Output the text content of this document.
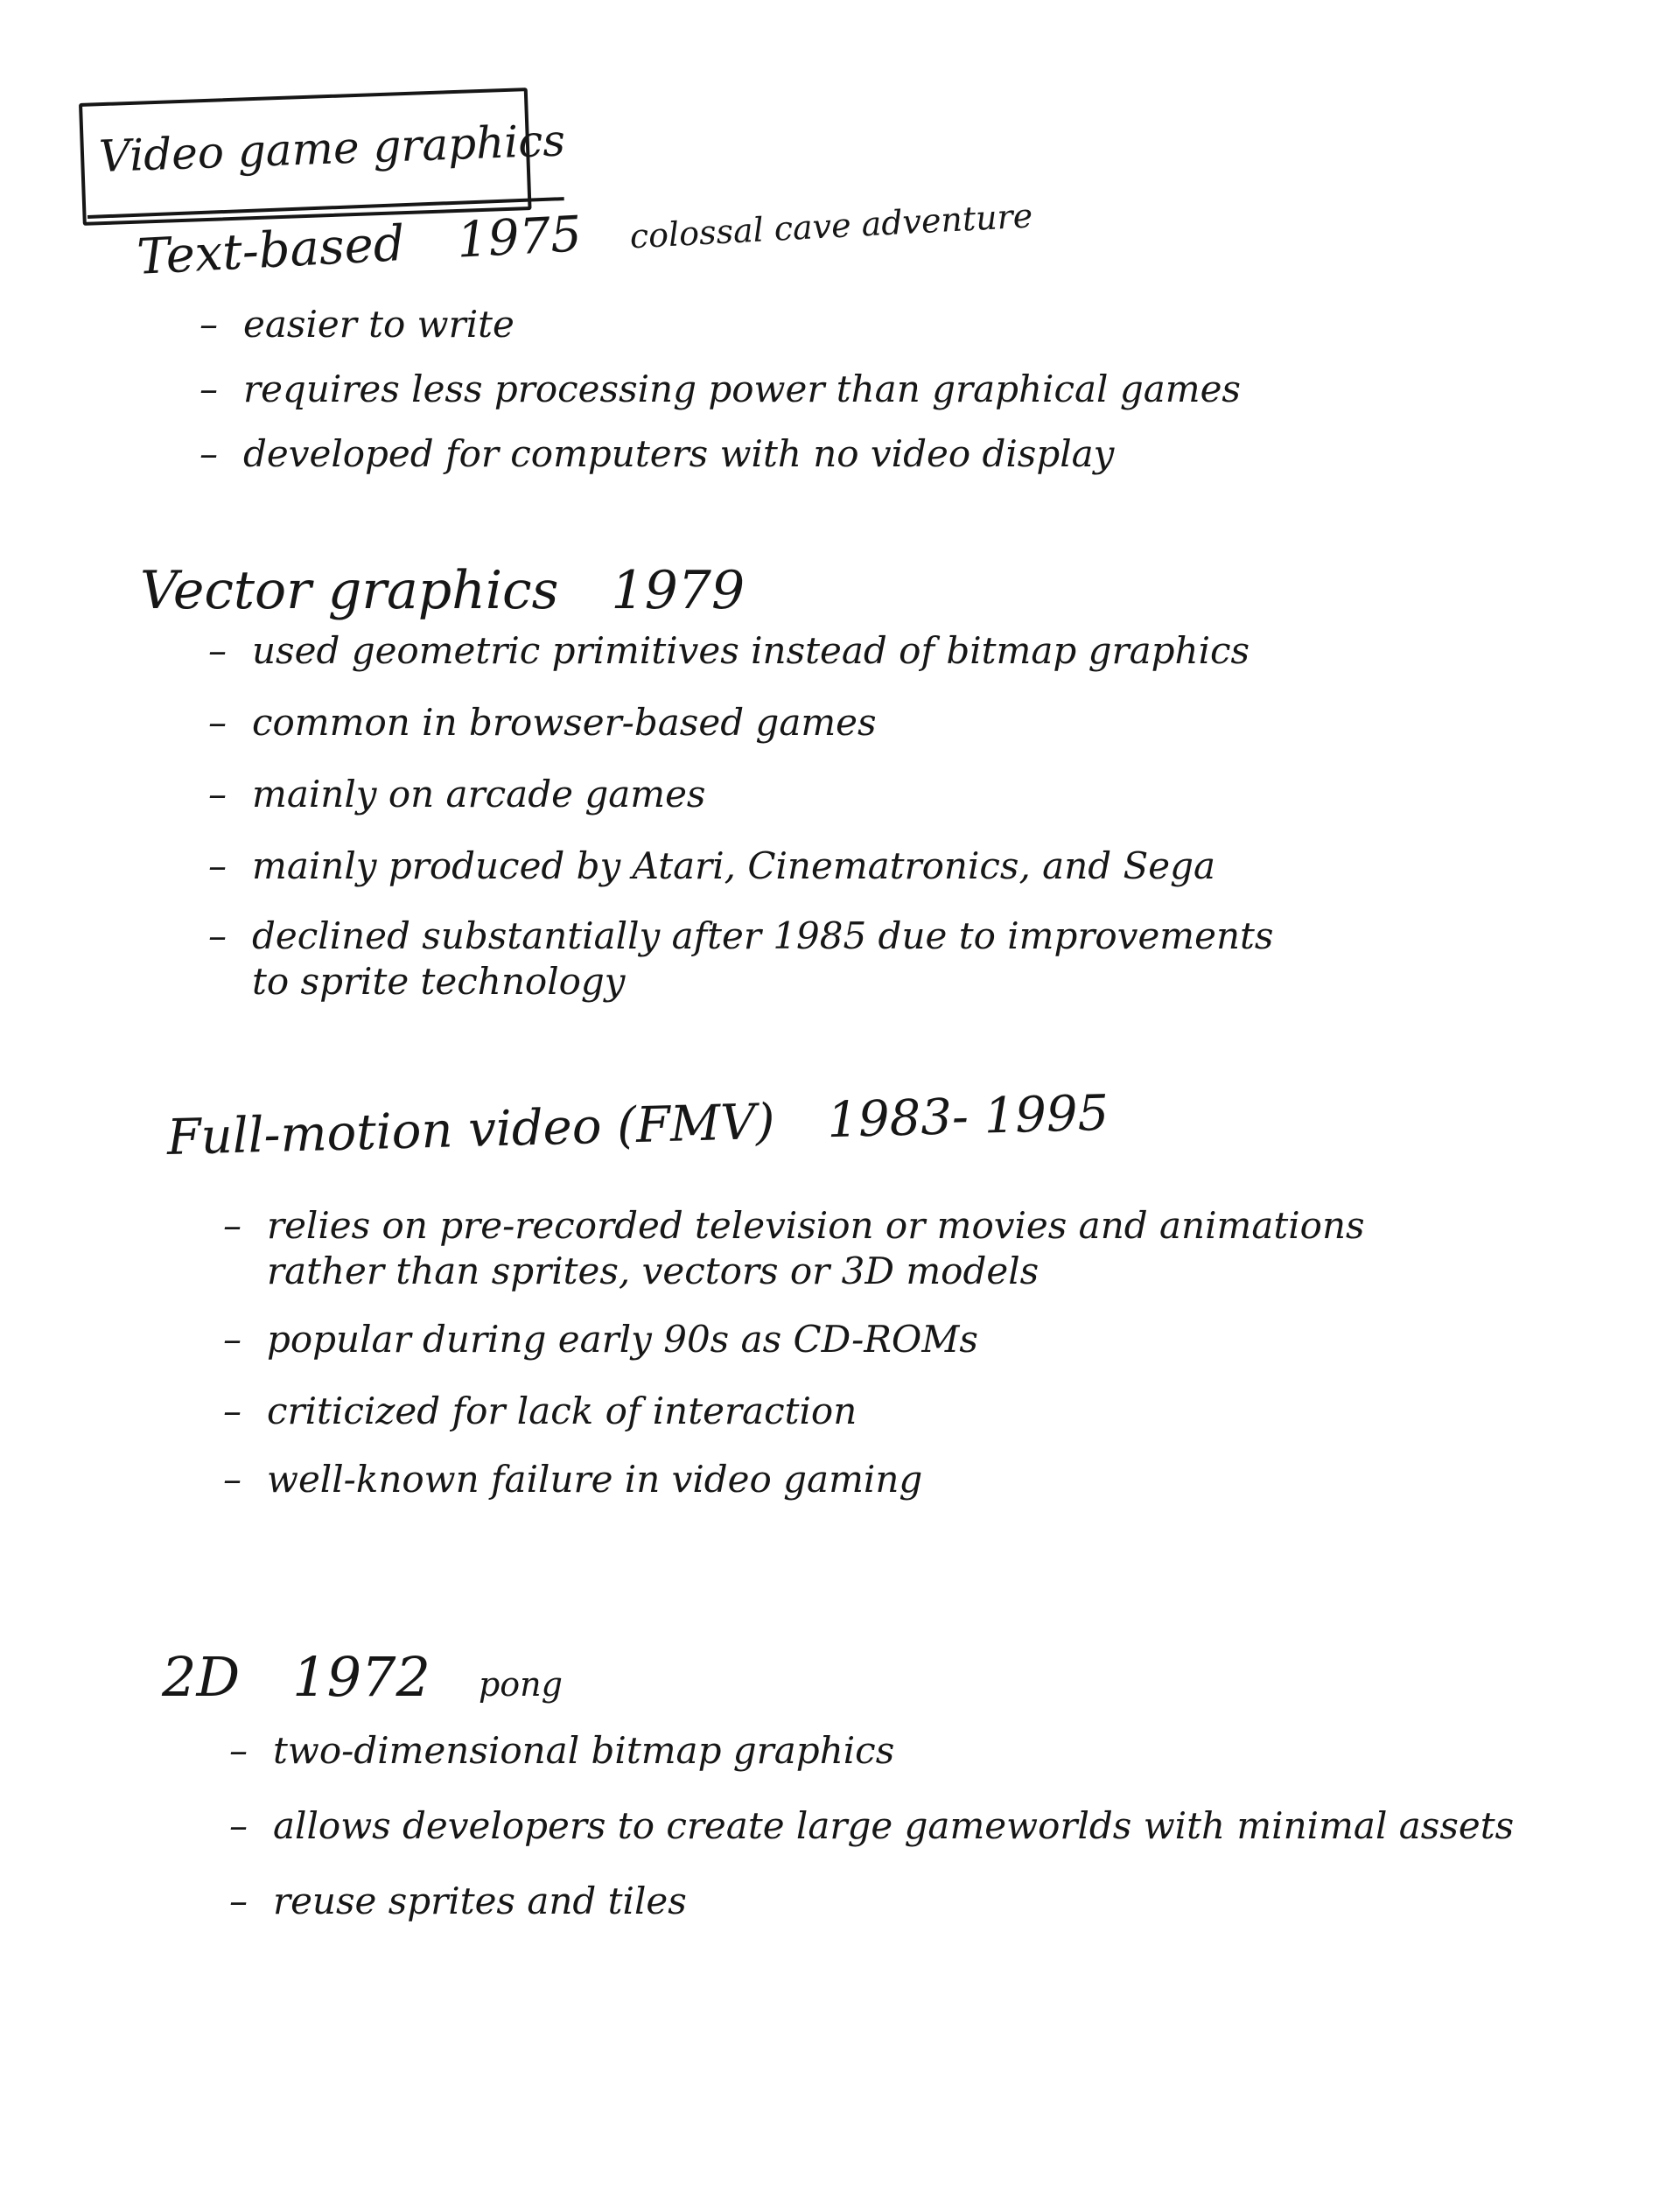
Video game graphics
Text-based 1975 colossal cave adventure
– easier to write
– requires less processing power than graphical games
– developed for computers with no video display
Vector graphics 1979
– used geometric primitives instead of bitmap graphics
– common in browser-based games
– mainly on arcade games
– mainly produced by Atari, Cinematronics, and Sega
– declined substantially after 1985 due to improvements
to sprite technology
Full-motion video (FMV) 1983- 1995
– relies on pre-recorded television or movies and animations
rather than sprites, vectors or 3D models
– popular during early 90s as CD-ROMs
– criticized for lack of interaction
– well-known failure in video gaming
2D 1972 pong
– two-dimensional bitmap graphics
– allows developers to create large gameworlds with minimal assets
– reuse sprites and tiles
